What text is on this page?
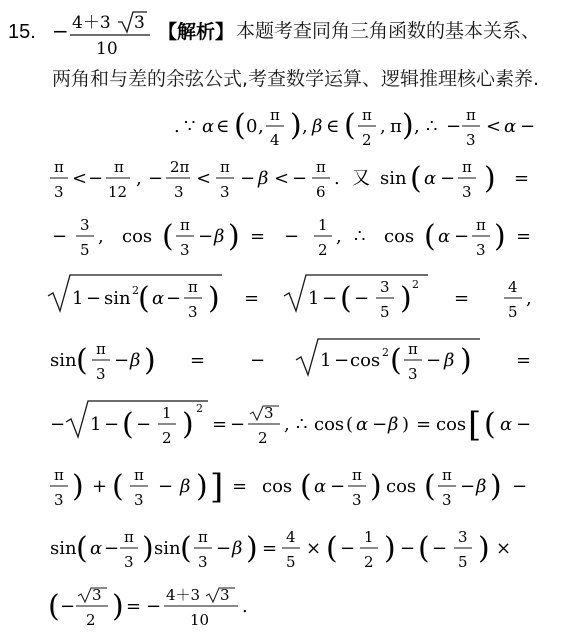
15. − 4＋3 3
10
【解析】 本题考查同角三角函数的基本关系、
两角和与差的余弦公式,考查数学运算、逻辑推理核心素养.
. ∵ α ∈ ( 0 ,
π
4 ) , β ∈ ( π
2
, π ) , ∴ −
π
3
< α −
π
3
< −
π
12
, −
2π
3
<
π
3
− β < −
π
6
. 又 sin ( α −
π
3 ) =
−
3
5
, cos ( π
3
− β ) = −
1
2
, ∴ cos ( α −
π
3 ) =
1 − sin 2 ( α −
π
3 ) =	1 − ( −
3
5 ) 2
=
4
5
,
sin ( π
3
− β ) = −	1 − cos 2 ( π
3
− β ) =
− 1 − ( −
1
2 ) 2
= −
3
2
, ∴ cos ( α − β ) = cos [ ( α −
π
3 ) + ( π
3
− β ) ] = cos ( α −
π
3 ) cos ( π
3
− β ) −
sin ( α −
π
3 ) sin ( π
3
− β ) =
4
5
× ( −
1
2 ) − ( −
3
5 ) ×
( −
3
2 ) = −
4＋3 3
10
.
